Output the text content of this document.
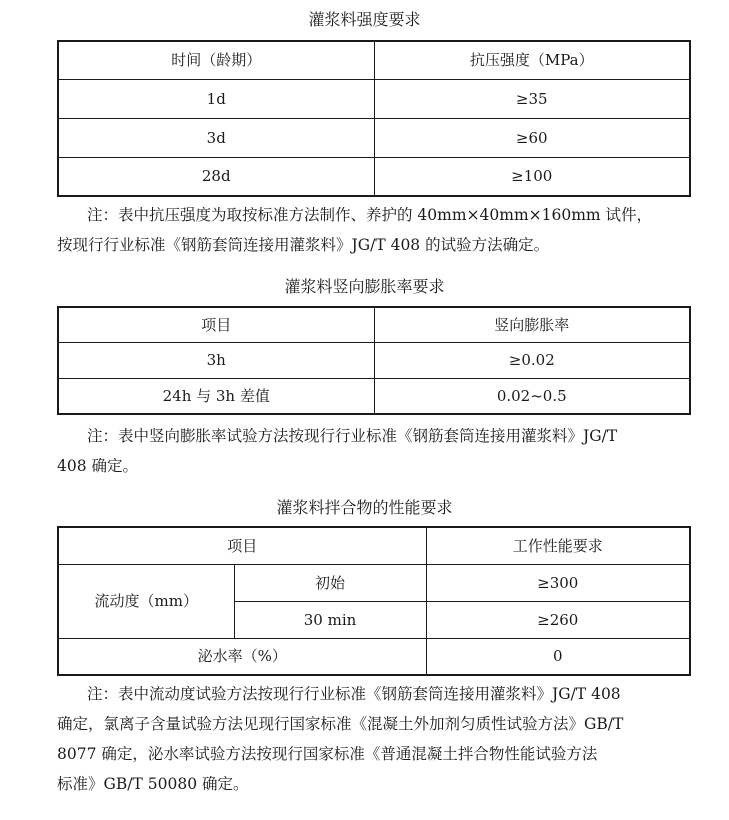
灌浆料强度要求
时间（龄期）	抗压强度（MPa）
1d	≥35
3d	≥60
28d	≥100
注：表中抗压强度为取按标准方法制作、养护的 40mm×40mm×160mm 试件，
按现行行业标准《钢筋套筒连接用灌浆料》JG/T 408 的试验方法确定。
灌浆料竖向膨胀率要求
项目	竖向膨胀率
3h	≥0.02
24h 与 3h 差值	0.02~0.5
注：表中竖向膨胀率试验方法按现行行业标准《钢筋套筒连接用灌浆料》JG/T
408 确定。
灌浆料拌合物的性能要求
项目		工作性能要求
流动度（mm）	初始	≥300
	30 min	≥260
泌水率（%）		0
注：表中流动度试验方法按现行行业标准《钢筋套筒连接用灌浆料》JG/T 408
确定，氯离子含量试验方法见现行国家标准《混凝土外加剂匀质性试验方法》GB/T
8077 确定，泌水率试验方法按现行国家标准《普通混凝土拌合物性能试验方法
标准》GB/T 50080 确定。
